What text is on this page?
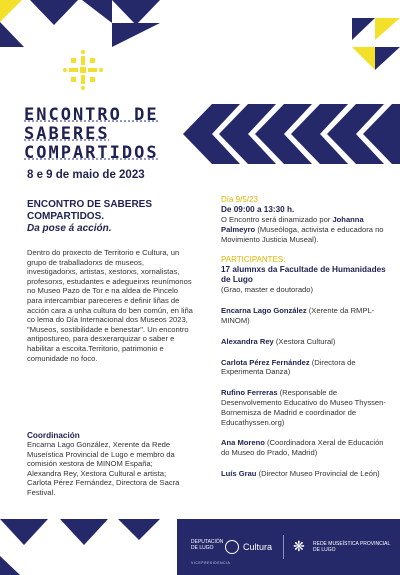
ENCONTRO DE
SABERES
COMPARTIDOS
8 e 9 de maio de 2023
ENCONTRO DE SABERES COMPARTIDOS.
Da pose á acción.
Dentro do proxecto de Territorio e Cultura, un grupo de traballadorxs de museos, investigadorxs, artistas, xestorxs, xornalistas, profesorxs, estudantes e adegueirxs reunímonos no Museo Pazo de Tor e na aldea de Pincelo para intercambiar pareceres e definir liñas de acción cara a unha cultura do ben común, en liña co lema do Día Internacional dos Museos 2023, "Museos, sostibilidade e benestar". Un encontro antipostureo, para desxerarquizar o saber e habilitar a escoita.Territorio, patrimonio e comunidade no foco.
Coordinación
Encarna Lago González, Xerente da Rede Museística Provincial de Lugo e membro da comisión xestora de MINOM España;
Alexandra Rey, Xestora Cultural e artista;
Carlota Pérez Fernández, Directora de Sacra Festival.
Día 9/5/23
De 09:00 a 13:30 h.
O Encontro será dinamizado por Johanna Palmeyro (Museóloga, activista e educadora no Movimiento Justicia Museal).
PARTICIPANTES:
17 alumnxs da Facultade de Humanidades de Lugo
(Grao, master e doutorado)
Encarna Lago González (Xerente da RMPL-MINOM)
Alexandra Rey (Xestora Cultural)
Carlota Pérez Fernández (Directora de Experimenta Danza)
Rufino Ferreras (Responsable de Desenvolvemento Educativo do Museo Thyssen-Bornemisza de Madrid e coordinador de Educathyssen.org)
Ana Moreno (Coordinadora Xeral de Educación do Museo do Prado, Madrid)
Luís Grau (Director Museo Provincial de León)
DEPUTACIÓN DE LUGO	Cultura ❋ REDE MUSEÍSTICA PROVINCIAL DE LUGO
VICEPRESIDENCIA
